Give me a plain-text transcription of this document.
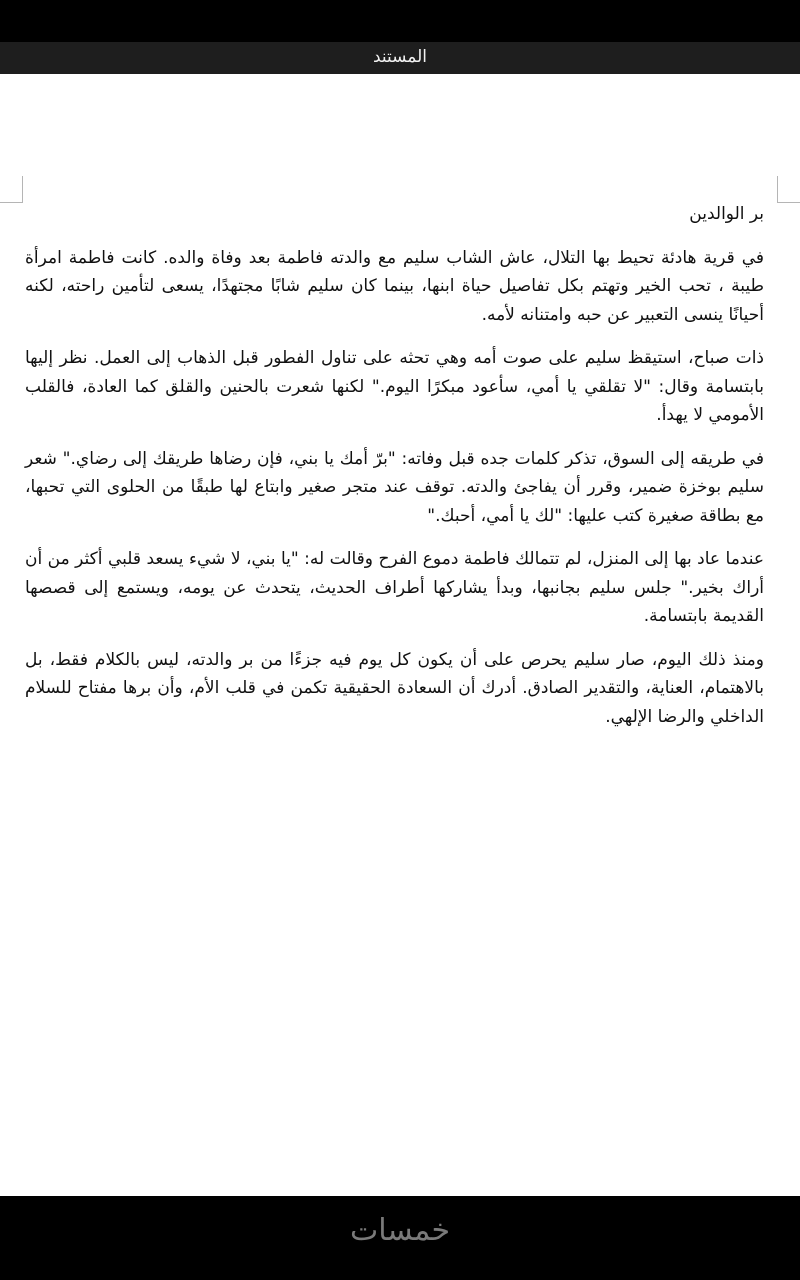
المستند

بر الوالدين

في قرية هادئة تحيط بها التلال، عاش الشاب سليم مع والدته فاطمة بعد وفاة والده. كانت فاطمة امرأة طيبة ، تحب الخير وتهتم بكل تفاصيل حياة ابنها، بينما كان سليم شابًا مجتهدًا، يسعى لتأمين راحته، لكنه أحيانًا ينسى التعبير عن حبه وامتنانه لأمه.

ذات صباح، استيقظ سليم على صوت أمه وهي تحثه على تناول الفطور قبل الذهاب إلى العمل. نظر إليها بابتسامة وقال: "لا تقلقي يا أمي، سأعود مبكرًا اليوم." لكنها شعرت بالحنين والقلق كما العادة، فالقلب الأمومي لا يهدأ.

في طريقه إلى السوق، تذكر كلمات جده قبل وفاته: "برّ أمك يا بني، فإن رضاها طريقك إلى رضاي." شعر سليم بوخزة ضمير، وقرر أن يفاجئ والدته. توقف عند متجر صغير وابتاع لها طبقًا من الحلوى التي تحبها، مع بطاقة صغيرة كتب عليها: "لك يا أمي، أحبك."

عندما عاد بها إلى المنزل، لم تتمالك فاطمة دموع الفرح وقالت له: "يا بني، لا شيء يسعد قلبي أكثر من أن أراك بخير." جلس سليم بجانبها، وبدأ يشاركها أطراف الحديث، يتحدث عن يومه، ويستمع إلى قصصها القديمة بابتسامة.

ومنذ ذلك اليوم، صار سليم يحرص على أن يكون كل يوم فيه جزءًا من بر والدته، ليس بالكلام فقط، بل بالاهتمام، العناية، والتقدير الصادق. أدرك أن السعادة الحقيقية تكمن في قلب الأم، وأن برها مفتاح للسلام الداخلي والرضا الإلهي.

خمسات
